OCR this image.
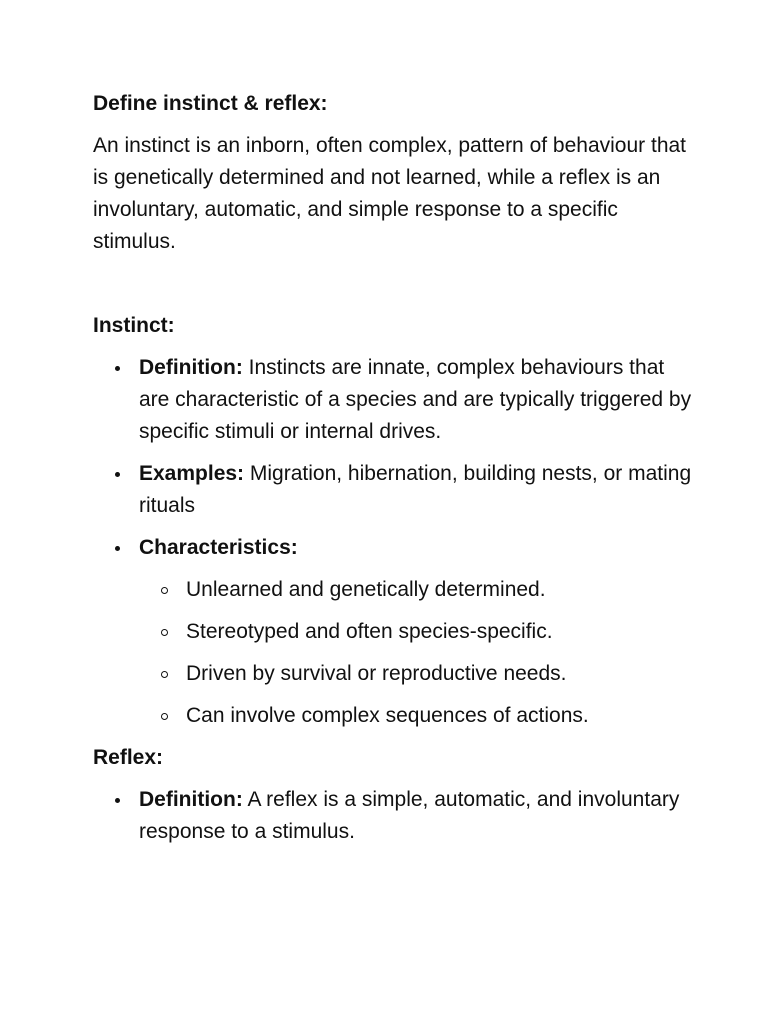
Define instinct & reflex:

An instinct is an inborn, often complex, pattern of behaviour that is genetically determined and not learned, while a reflex is an involuntary, automatic, and simple response to a specific stimulus.

Instinct:

Definition: Instincts are innate, complex behaviours that are characteristic of a species and are typically triggered by specific stimuli or internal drives.
Examples: Migration, hibernation, building nests, or mating rituals
Characteristics:
Unlearned and genetically determined.
Stereotyped and often species-specific.
Driven by survival or reproductive needs.
Can involve complex sequences of actions.

Reflex:

Definition: A reflex is a simple, automatic, and involuntary response to a stimulus.
